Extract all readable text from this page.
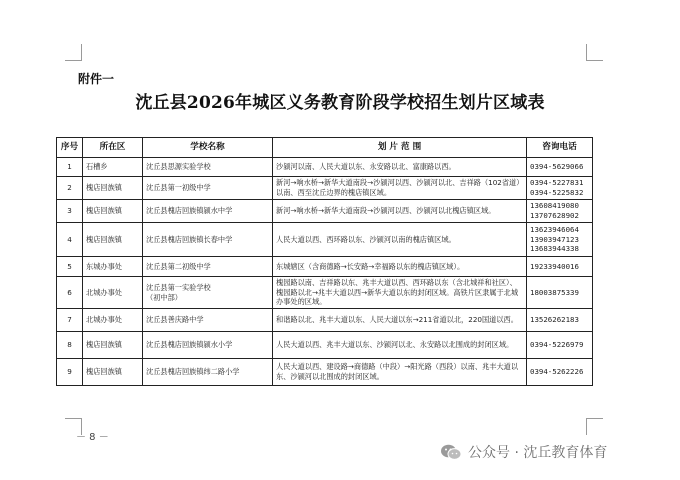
附件一
沈丘县2026年城区义务教育阶段学校招生划片区域表
序号	所在区	学校名称	划 片 范 围	咨询电话
1	石槽乡	沈丘县思源实验学校	沙颍河以南、人民大道以东、永安路以北、富康路以西。	0394-5629066
2	槐店回族镇	沈丘县第一初级中学	新河→响水桥→新华大道南段→沙颍河以西、沙颍河以北、吉祥路（102省道）以南、西至沈丘边界的槐店镇区域。	0394-5227831
0394-5225832
3	槐店回族镇	沈丘县槐店回族镇颍水中学	新河→响水桥→新华大道南段→沙颍河以西、沙颍河以北槐店镇区域。	13608419080
13707628902
4	槐店回族镇	沈丘县槐店回族镇长春中学	人民大道以西、西环路以东、沙颍河以南的槐店镇区域。	13623946064
13903947123
13683944338
5	东城办事处	沈丘县第二初级中学	东城辖区（含商德路→长安路→幸福路以东的槐店镇区域）。	19233940016
6	北城办事处	沈丘县第一实验学校
（初中部）	槐园路以南、吉祥路以东、兆丰大道以西、西环路以东（含北城祥和社区）、槐园路以北→兆丰大道以西→新华大道以东的封闭区域。高铁片区隶属于北城办事处的区域。	18003875339
7	北城办事处	沈丘县善庆路中学	和谐路以北、兆丰大道以东、人民大道以东→211省道以北，220国道以西。	13526262183
8	槐店回族镇	沈丘县槐店回族镇颍水小学	人民大道以西、兆丰大道以东、沙颍河以北、永安路以北围成的封闭区域。	0394-5226979
9	槐店回族镇	沈丘县槐店回族镇纬二路小学	人民大道以西、建设路→商德路（中段）→阳光路（西段）以南、兆丰大道以东、沙颍河以北围成的封闭区域。	0394-5262226
－ 8 －
公众号 · 沈丘教育体育
